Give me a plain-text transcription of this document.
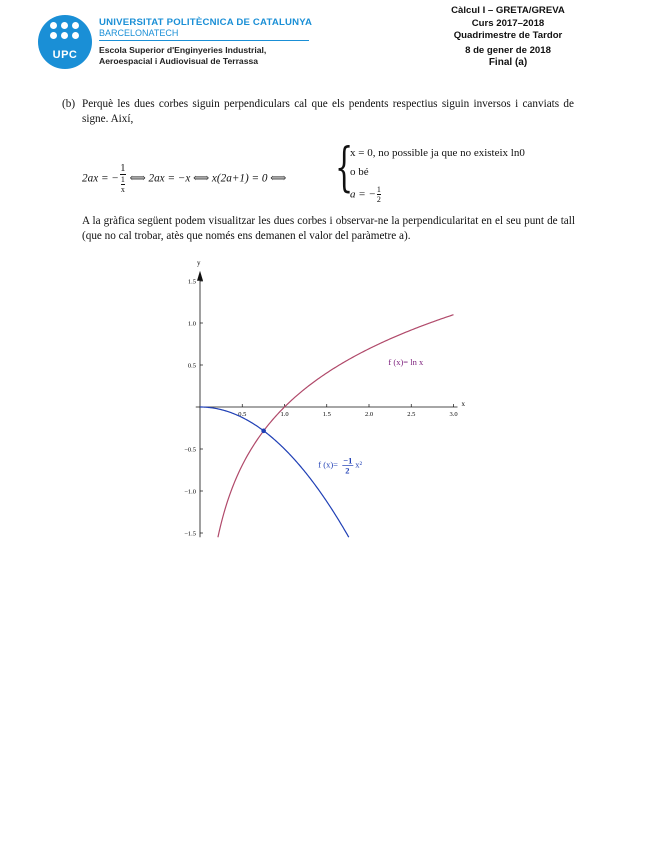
UPC
UNIVERSITAT POLITÈCNICA DE CATALUNYA
BARCELONATECH
Escola Superior d'Enginyeries Industrial,
Aeroespacial i Audiovisual de Terrassa
Càlcul I – GRETA/GREVA
Curs 2017–2018
Quadrimestre de Tardor
8 de gener de 2018
Final (a)
(b) Perquè les dues corbes siguin perpendiculars cal que els pendents respectius siguin inversos i canviats de signe. Així,
2ax = − $\frac{1}{\frac{1}{x}}$ ⟺ 2ax = −x ⟺ x(2a+1) = 0 ⟺ {
x = 0, no possible ja que no existeix ln0
o bé
a = − $\frac{1}{2}$
A la gràfica següent podem visualitzar les dues corbes i observar-ne la perpendicularitat en el seu punt de tall (que no cal trobar, atès que només ens demanen el valor del paràmetre a).
x
y
0.5	1.0	1.5	2.0	2.5	3.0
1.5
1.0
0.5
−0.5
−1.0
−1.5
f (x)= ln x
f (x)= −1
2
x²
